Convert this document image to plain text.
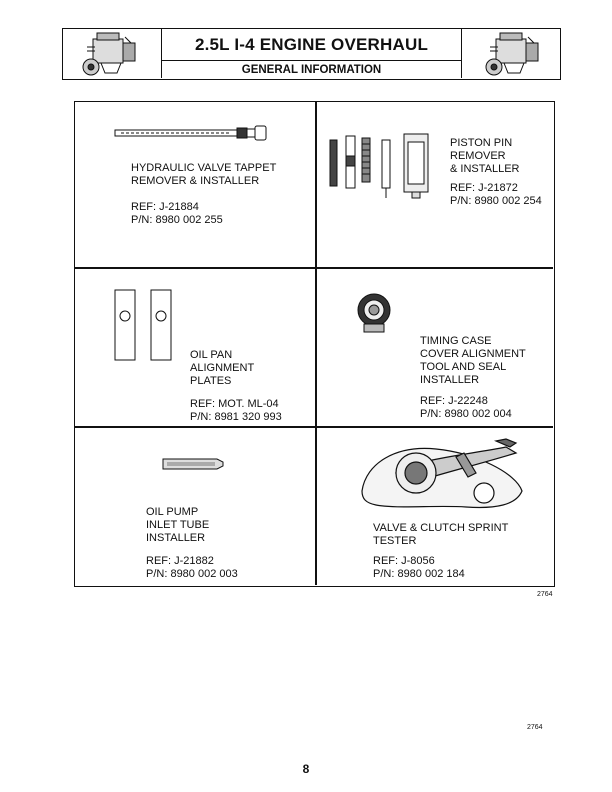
2.5L I-4 ENGINE OVERHAUL
GENERAL INFORMATION
HYDRAULIC VALVE TAPPET
REMOVER & INSTALLER
REF: J-21884
P/N: 8980 002 255
PISTON PIN
REMOVER
& INSTALLER
REF: J-21872
P/N: 8980 002 254
OIL PAN
ALIGNMENT
PLATES
REF: MOT. ML-04
P/N: 8981 320 993
TIMING CASE
COVER ALIGNMENT
TOOL AND SEAL
INSTALLER
REF: J-22248
P/N: 8980 002 004
OIL PUMP
INLET TUBE
INSTALLER
REF: J-21882
P/N: 8980 002 003
VALVE & CLUTCH SPRINT
TESTER
REF: J-8056
P/N: 8980 002 184
2764
2764
8
